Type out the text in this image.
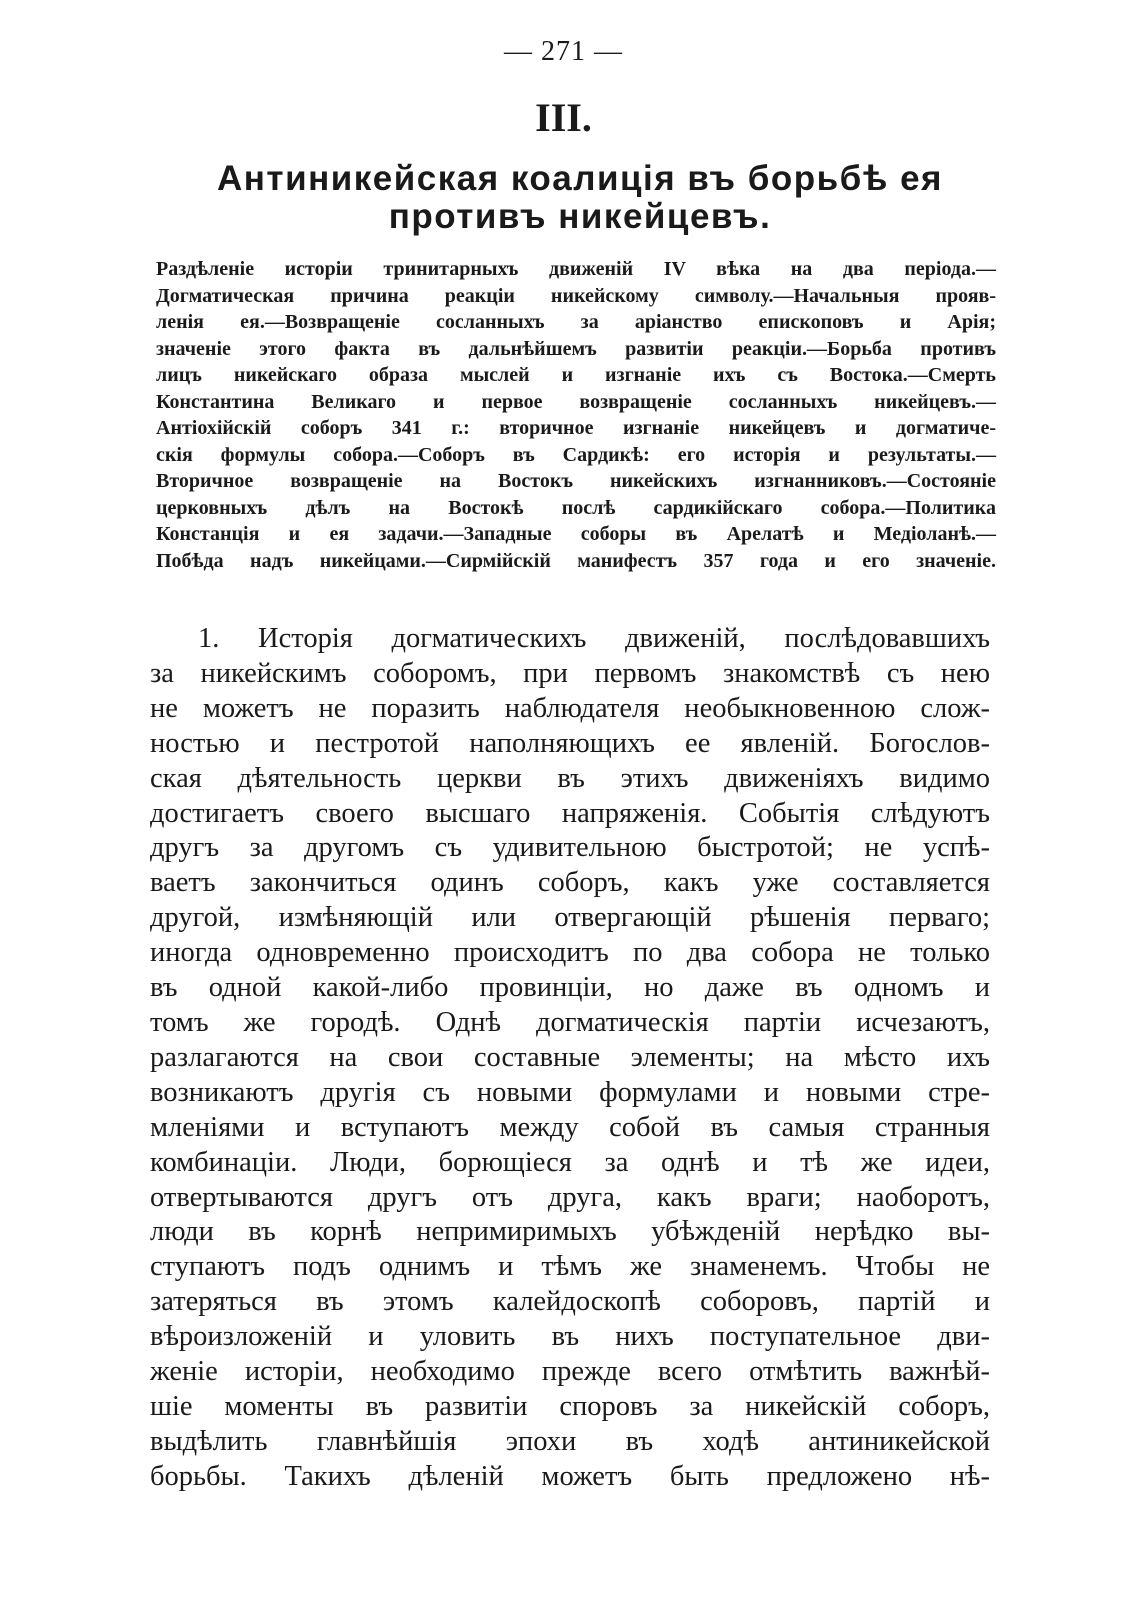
— 271 —
III.
Антиникейская коалиція въ борьбѣ ея противъ никейцевъ.
Раздѣленіе исторіи тринитарныхъ движеній IV вѣка на два періода.—
Догматическая причина реакціи никейскому символу.—Начальныя прояв-
ленія ея.—Возвращеніе сосланныхъ за аріанство епископовъ и Арія;
значеніе этого факта въ дальнѣйшемъ развитіи реакціи.—Борьба противъ
лицъ никейскаго образа мыслей и изгнаніе ихъ съ Востока.—Смерть
Константина Великаго и первое возвращеніе сосланныхъ никейцевъ.—
Антіохійскій соборъ 341 г.: вторичное изгнаніе никейцевъ и догматиче-
скія формулы собора.—Соборъ въ Сардикѣ: его исторія и результаты.—
Вторичное возвращеніе на Востокъ никейскихъ изгнанниковъ.—Состояніе
церковныхъ дѣлъ на Востокѣ послѣ сардикійскаго собора.—Политика
Констанція и ея задачи.—Западные соборы въ Арелатѣ и Медіоланѣ.—
Побѣда надъ никейцами.—Сирмійскій манифестъ 357 года и его значеніе.
1. Исторія догматическихъ движеній, послѣдовавшихъ
за никейскимъ соборомъ, при первомъ знакомствѣ съ нею
не можетъ не поразить наблюдателя необыкновенною слож-
ностью и пестротой наполняющихъ ее явленій. Богослов-
ская дѣятельность церкви въ этихъ движеніяхъ видимо
достигаетъ своего высшаго напряженія. Событія слѣдуютъ
другъ за другомъ съ удивительною быстротой; не успѣ-
ваетъ закончиться одинъ соборъ, какъ уже составляется
другой, измѣняющій или отвергающій рѣшенія перваго;
иногда одновременно происходитъ по два собора не только
въ одной какой-либо провинціи, но даже въ одномъ и
томъ же городѣ. Однѣ догматическія партіи исчезаютъ,
разлагаются на свои составные элементы; на мѣсто ихъ
возникаютъ другія съ новыми формулами и новыми стре-
мленіями и вступаютъ между собой въ самыя странныя
комбинаціи. Люди, борющіеся за однѣ и тѣ же идеи,
отвертываются другъ отъ друга, какъ враги; наоборотъ,
люди въ корнѣ непримиримыхъ убѣжденій нерѣдко вы-
ступаютъ подъ однимъ и тѣмъ же знаменемъ. Чтобы не
затеряться въ этомъ калейдоскопѣ соборовъ, партій и
вѣроизложеній и уловить въ нихъ поступательное дви-
женіе исторіи, необходимо прежде всего отмѣтить важнѣй-
шіе моменты въ развитіи споровъ за никейскій соборъ,
выдѣлить главнѣйшія эпохи въ ходѣ антиникейской
борьбы. Такихъ дѣленій можетъ быть предложено нѣ-
